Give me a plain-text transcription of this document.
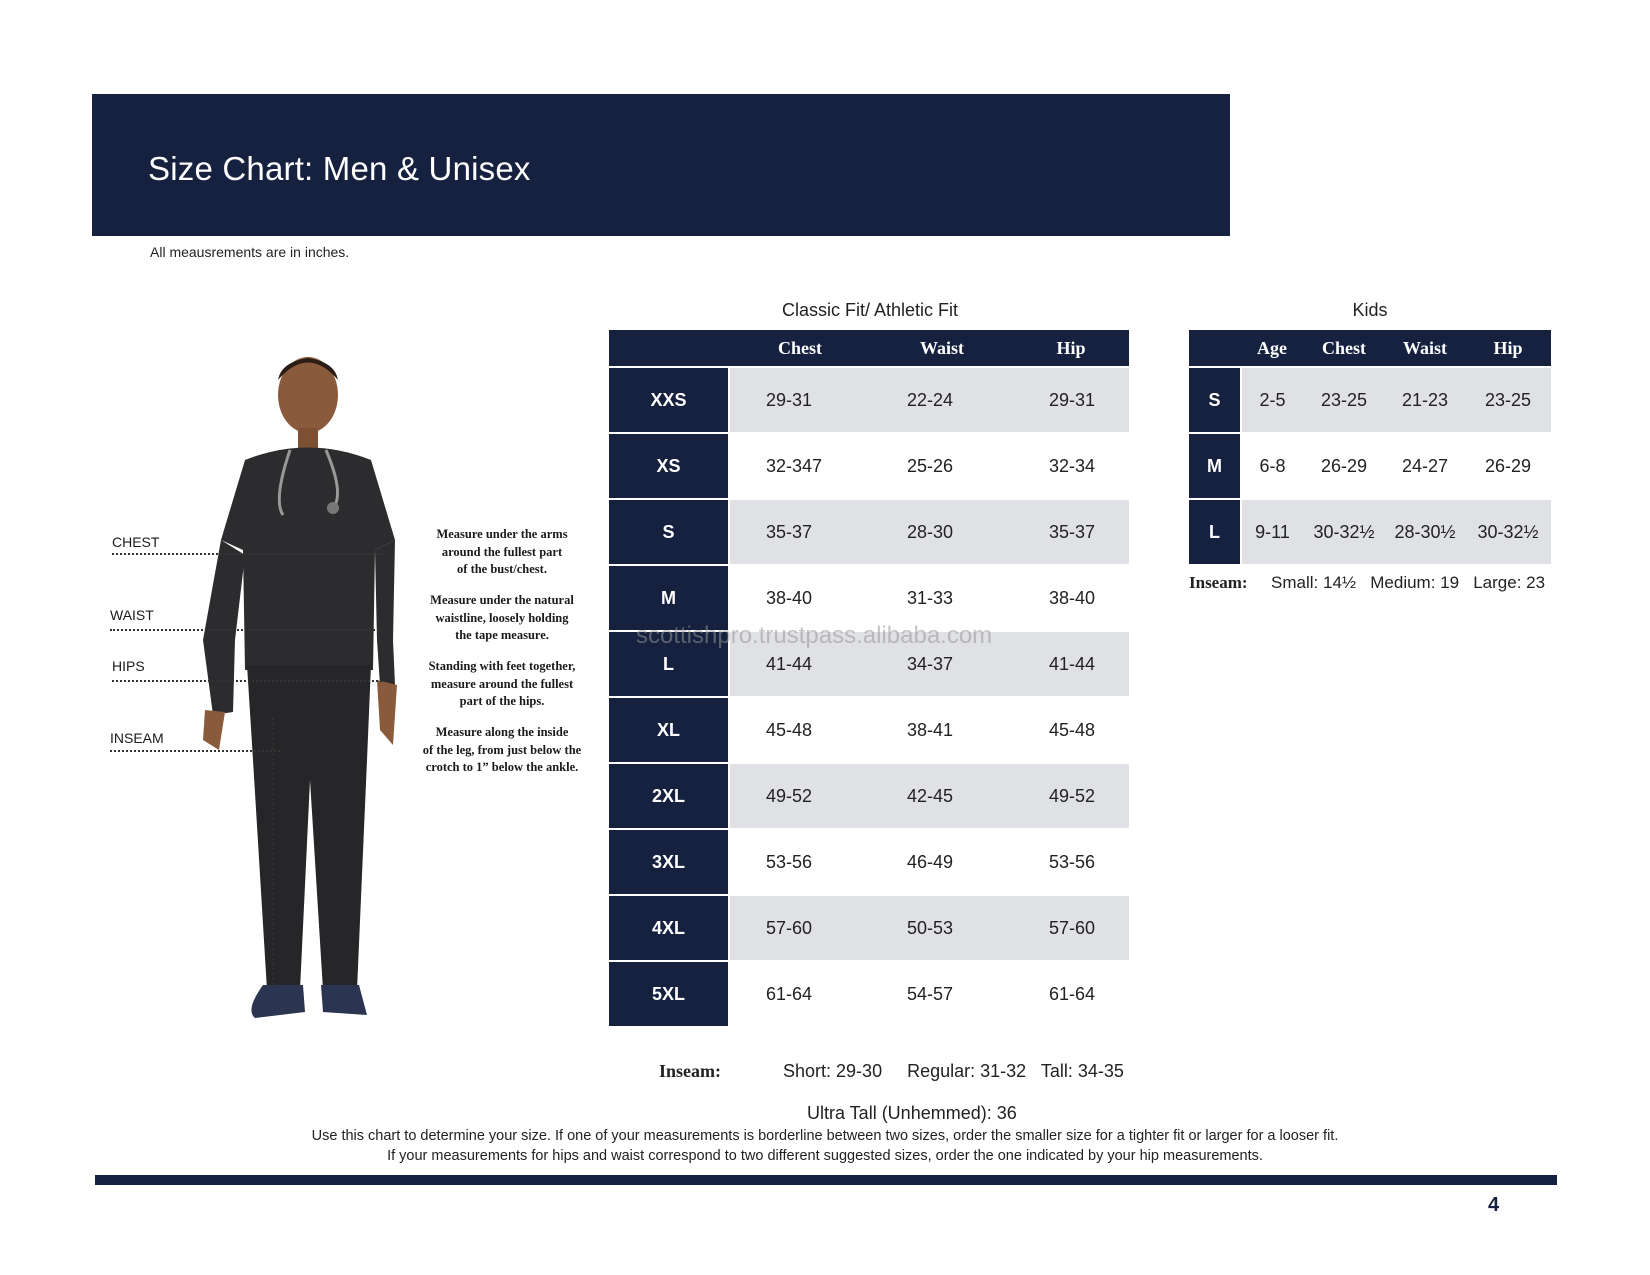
Size Chart: Men & Unisex
All meausrements are in inches.
CHEST
WAIST
HIPS
INSEAM
Measure under the arms
around the fullest part
of the bust/chest.
Measure under the natural
waistline, loosely holding
the tape measure.
Standing with feet together,
measure around the fullest
part of the hips.
Measure along the inside
of the leg, from just below the
crotch to 1” below the ankle.
Classic Fit/ Athletic Fit
	Chest	Waist	Hip
XXS	29-31	22-24	29-31
XS	32-347	25-26	32-34
S	35-37	28-30	35-37
M	38-40	31-33	38-40
L	41-44	34-37	41-44
XL	45-48	38-41	45-48
2XL	49-52	42-45	49-52
3XL	53-56	46-49	53-56
4XL	57-60	50-53	57-60
5XL	61-64	54-57	61-64

Inseam:	Short: 29-30     Regular: 31-32   Tall: 34-35

Ultra Tall (Unhemmed): 36
scottishpro.trustpass.alibaba.com
Kids
	Age	Chest	Waist	Hip
S	2-5	23-25	21-23	23-25
M	6-8	26-29	24-27	26-29
L	9-11	30-32½	28-30½	30-32½
Inseam: Small: 14½   Medium: 19   Large: 23
Use this chart to determine your size. If one of your measurements is borderline between two sizes, order the smaller size for a tighter fit or larger for a looser fit.
If your measurements for hips and waist correspond to two different suggested sizes, order the one indicated by your hip measurements.
4
